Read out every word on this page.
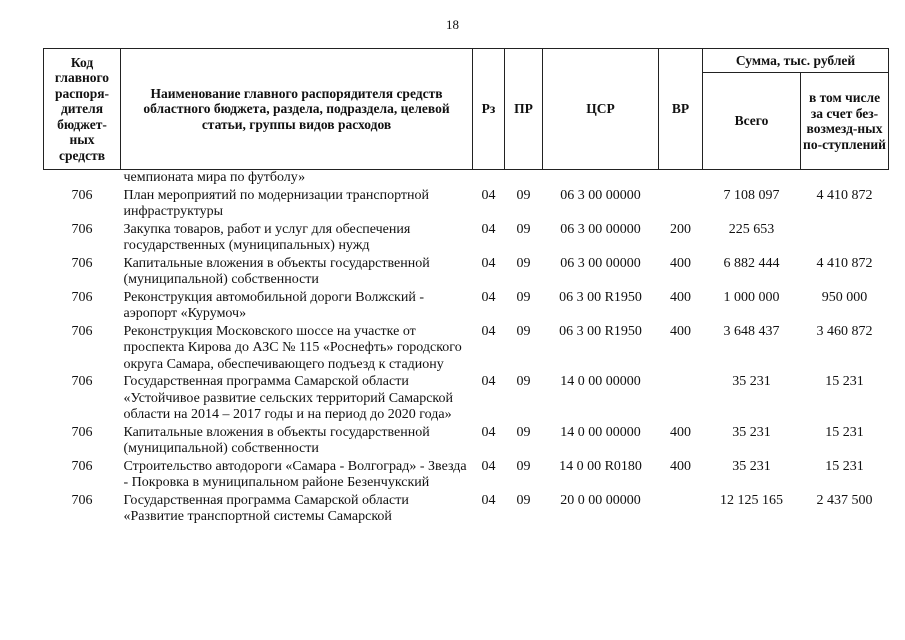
18
Код главного распоря-дителя бюджет-ных средств	Наименование главного распорядителя средств областного бюджета, раздела, подраздела, целевой статьи, группы видов расходов	Рз	ПР	ЦСР	ВР	Сумма, тыс. рублей	
						Всего	в том числе за счет без-возмезд-ных по-ступлений
	чемпионата мира по футболу»						
706	План мероприятий по модернизации транспортной инфраструктуры	04	09	06 3 00 00000		7 108 097	4 410 872
706	Закупка товаров, работ и услуг для обеспечения государственных (муниципальных) нужд	04	09	06 3 00 00000	200	225 653	
706	Капитальные вложения в объекты государственной (муниципальной) собственности	04	09	06 3 00 00000	400	6 882 444	4 410 872
706	Реконструкция автомобильной дороги Волжский - аэропорт «Курумоч»	04	09	06 3 00 R1950	400	1 000 000	950 000
706	Реконструкция Московского шоссе на участке от проспекта Кирова до АЗС № 115 «Роснефть» городского округа Самара, обеспечивающего подъезд к стадиону	04	09	06 3 00 R1950	400	3 648 437	3 460 872
706	Государственная программа Самарской области «Устойчивое развитие сельских территорий Самарской области на 2014 – 2017 годы и на период до 2020 года»	04	09	14 0 00 00000		35 231	15 231
706	Капитальные вложения в объекты государственной (муниципальной) собственности	04	09	14 0 00 00000	400	35 231	15 231
706	Строительство автодороги «Самара - Волгоград» - Звезда - Покровка в муниципальном районе Безенчукский	04	09	14 0 00 R0180	400	35 231	15 231
706	Государственная программа Самарской области «Развитие транспортной системы Самарской	04	09	20 0 00 00000		12 125 165	2 437 500
